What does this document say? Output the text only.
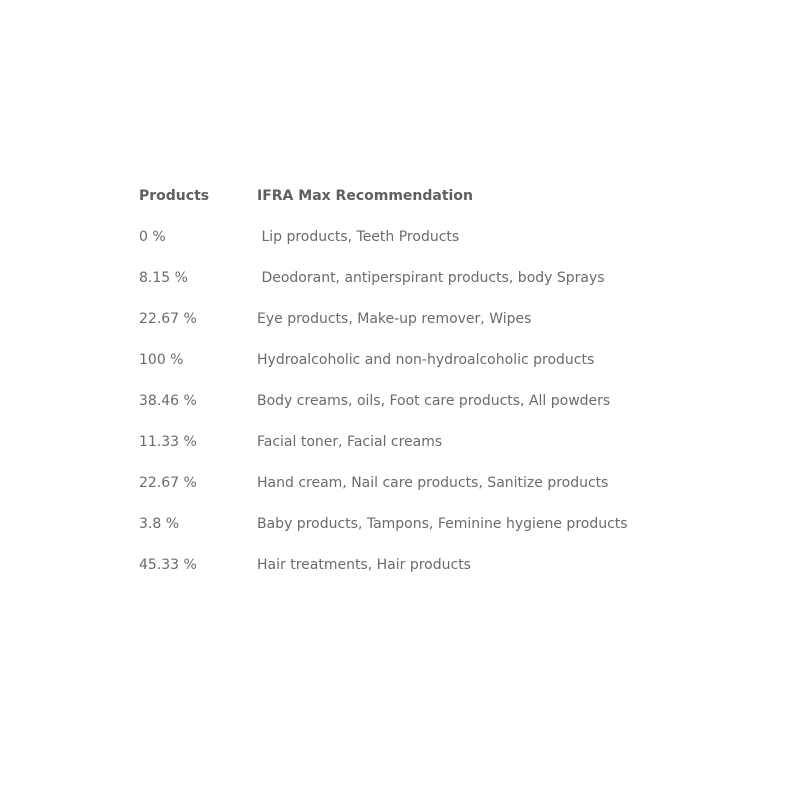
Products	IFRA Max Recommendation
0 %	Lip products, Teeth Products
8.15 %	Deodorant, antiperspirant products, body Sprays
22.67 %	Eye products, Make-up remover, Wipes
100 %	Hydroalcoholic and non-hydroalcoholic products
38.46 %	Body creams, oils, Foot care products, All powders
11.33 %	Facial toner, Facial creams
22.67 %	Hand cream, Nail care products, Sanitize products
3.8 %	Baby products, Tampons, Feminine hygiene products
45.33 %	Hair treatments, Hair products
